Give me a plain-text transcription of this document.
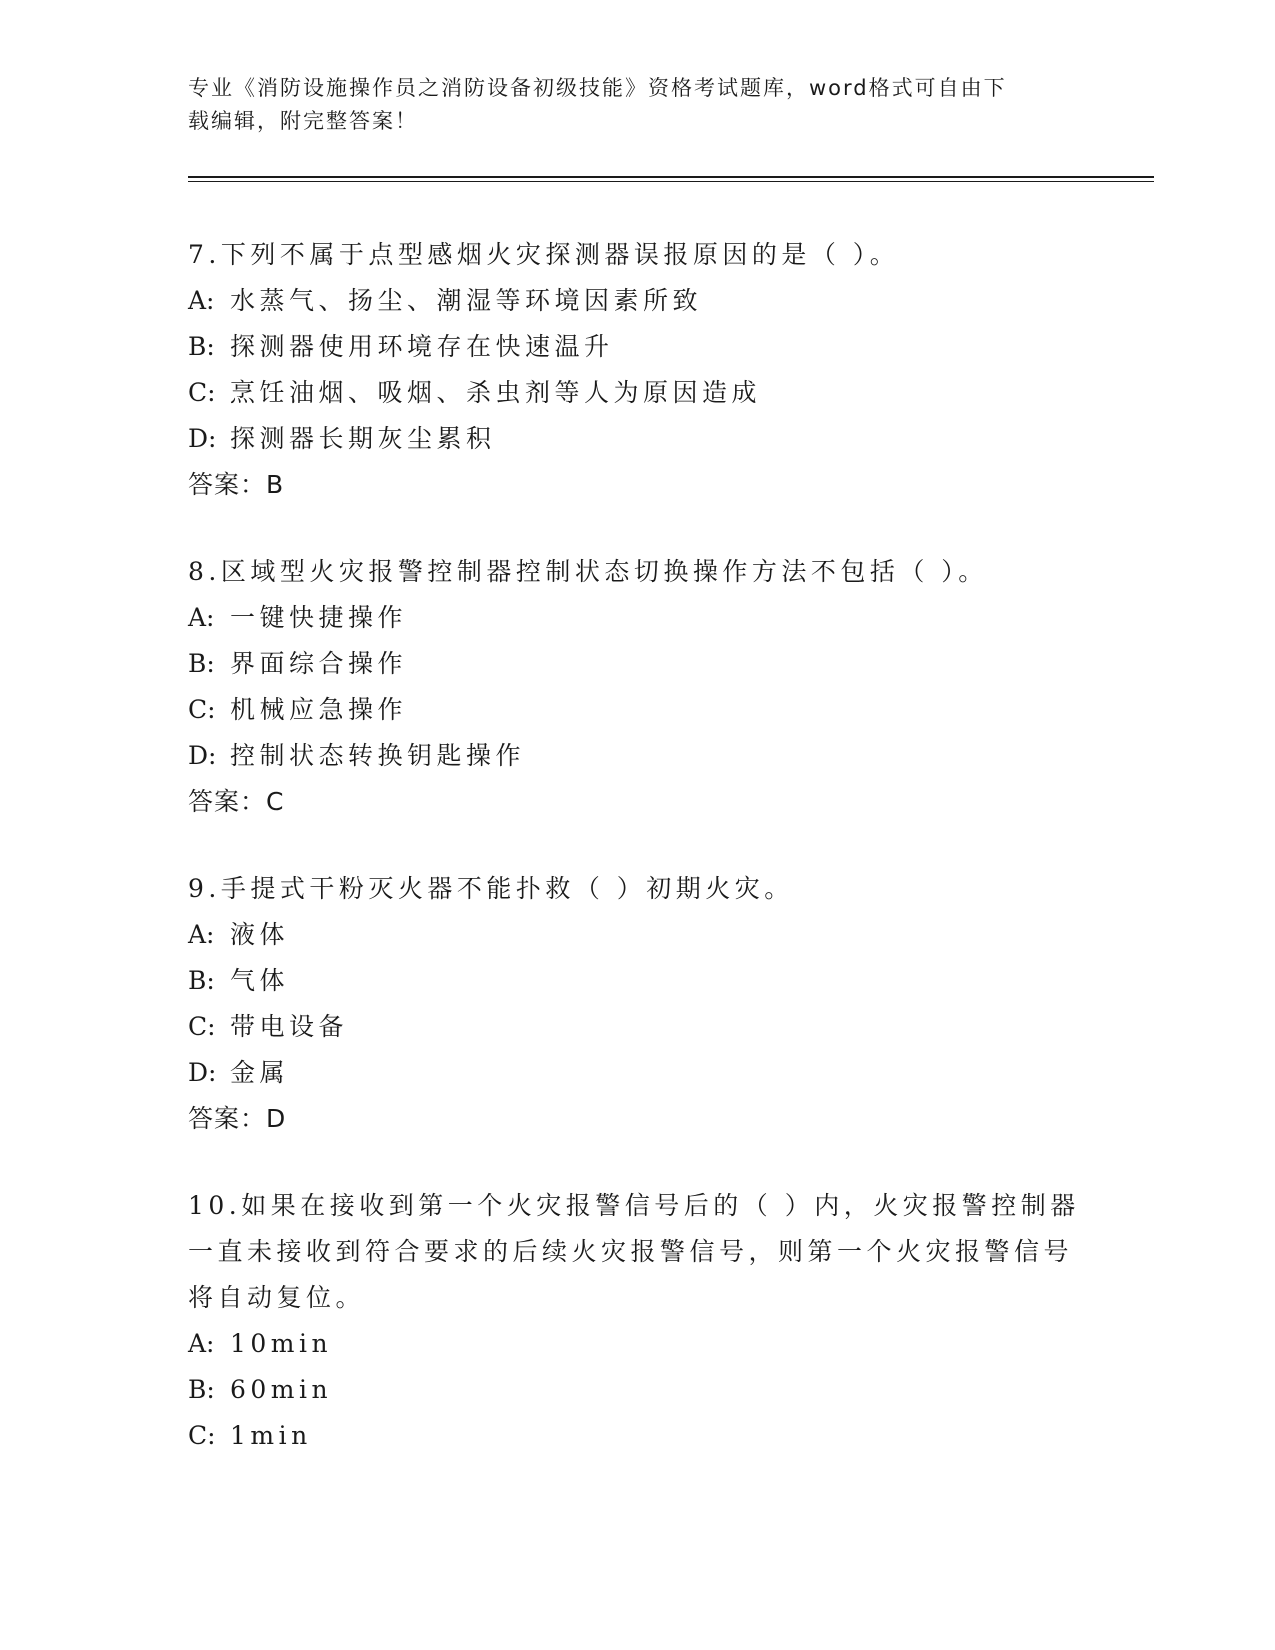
专业《消防设施操作员之消防设备初级技能》资格考试题库，word格式可自由下
载编辑，附完整答案！

7.下列不属于点型感烟火灾探测器误报原因的是（ ）。

A: 水蒸气、扬尘、潮湿等环境因素所致

B: 探测器使用环境存在快速温升

C: 烹饪油烟、吸烟、杀虫剂等人为原因造成

D: 探测器长期灰尘累积

答案：B

8.区域型火灾报警控制器控制状态切换操作方法不包括（ ）。

A: 一键快捷操作

B: 界面综合操作

C: 机械应急操作

D: 控制状态转换钥匙操作

答案：C

9.手提式干粉灭火器不能扑救（ ）初期火灾。

A: 液体

B: 气体

C: 带电设备

D: 金属

答案：D

10.如果在接收到第一个火灾报警信号后的（ ）内，火灾报警控制器一直未接收到符合要求的后续火灾报警信号，则第一个火灾报警信号将自动复位。

A: 10min

B: 60min

C: 1min
